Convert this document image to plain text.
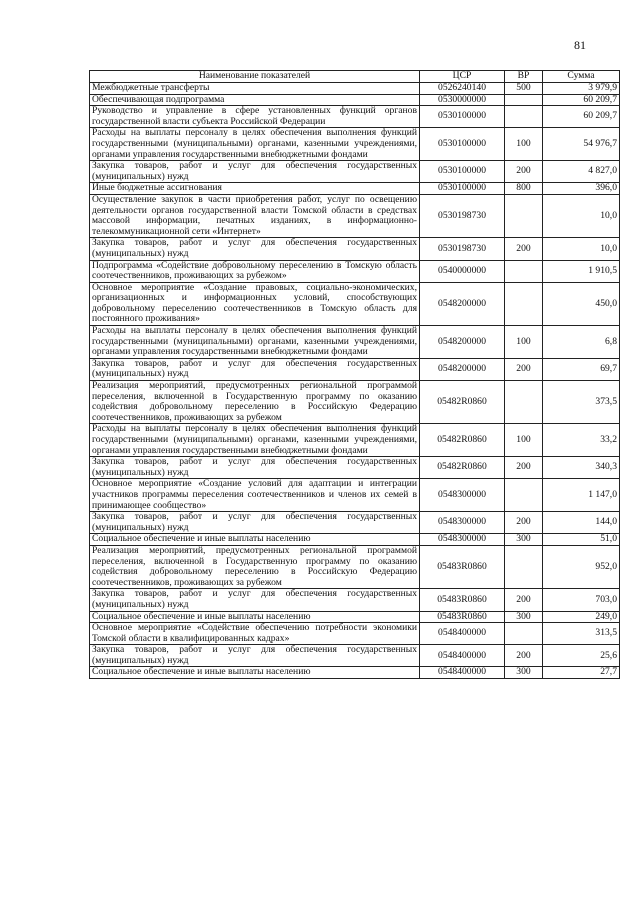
81
Наименование показателей	ЦСР	ВР	Сумма
Межбюджетные трансферты	0526240140	500	3 979,9
Обеспечивающая подпрограмма	0530000000		60 209,7
Руководство и управление в сфере установленных функций органов государственной власти субъекта Российской Федерации	0530100000		60 209,7
Расходы на выплаты персоналу в целях обеспечения выполнения функций государственными (муниципальными) органами, казенными учреждениями, органами управления государственными внебюджетными фондами	0530100000	100	54 976,7
Закупка товаров, работ и услуг для обеспечения государственных (муниципальных) нужд	0530100000	200	4 827,0
Иные бюджетные ассигнования	0530100000	800	396,0
Осуществление закупок в части приобретения работ, услуг по освещению деятельности органов государственной власти Томской области в средствах массовой информации, печатных изданиях, в информационно-телекоммуникационной сети «Интернет»	0530198730		10,0
Закупка товаров, работ и услуг для обеспечения государственных (муниципальных) нужд	0530198730	200	10,0
Подпрограмма «Содействие добровольному переселению в Томскую область соотечественников, проживающих за рубежом»	0540000000		1 910,5
Основное мероприятие «Создание правовых, социально-экономических, организационных и информационных условий, способствующих добровольному переселению соотечественников в Томскую область для постоянного проживания»	0548200000		450,0
Расходы на выплаты персоналу в целях обеспечения выполнения функций государственными (муниципальными) органами, казенными учреждениями, органами управления государственными внебюджетными фондами	0548200000	100	6,8
Закупка товаров, работ и услуг для обеспечения государственных (муниципальных) нужд	0548200000	200	69,7
Реализация мероприятий, предусмотренных региональной программой переселения, включенной в Государственную программу по оказанию содействия добровольному переселению в Российскую Федерацию соотечественников, проживающих за рубежом	05482R0860		373,5
Расходы на выплаты персоналу в целях обеспечения выполнения функций государственными (муниципальными) органами, казенными учреждениями, органами управления государственными внебюджетными фондами	05482R0860	100	33,2
Закупка товаров, работ и услуг для обеспечения государственных (муниципальных) нужд	05482R0860	200	340,3
Основное мероприятие «Создание условий для адаптации и интеграции участников программы переселения соотечественников и членов их семей в принимающее сообщество»	0548300000		1 147,0
Закупка товаров, работ и услуг для обеспечения государственных (муниципальных) нужд	0548300000	200	144,0
Социальное обеспечение и иные выплаты населению	0548300000	300	51,0
Реализация мероприятий, предусмотренных региональной программой переселения, включенной в Государственную программу по оказанию содействия добровольному переселению в Российскую Федерацию соотечественников, проживающих за рубежом	05483R0860		952,0
Закупка товаров, работ и услуг для обеспечения государственных (муниципальных) нужд	05483R0860	200	703,0
Социальное обеспечение и иные выплаты населению	05483R0860	300	249,0
Основное мероприятие «Содействие обеспечению потребности экономики Томской области в квалифицированных кадрах»	0548400000		313,5
Закупка товаров, работ и услуг для обеспечения государственных (муниципальных) нужд	0548400000	200	25,6
Социальное обеспечение и иные выплаты населению	0548400000	300	27,7
